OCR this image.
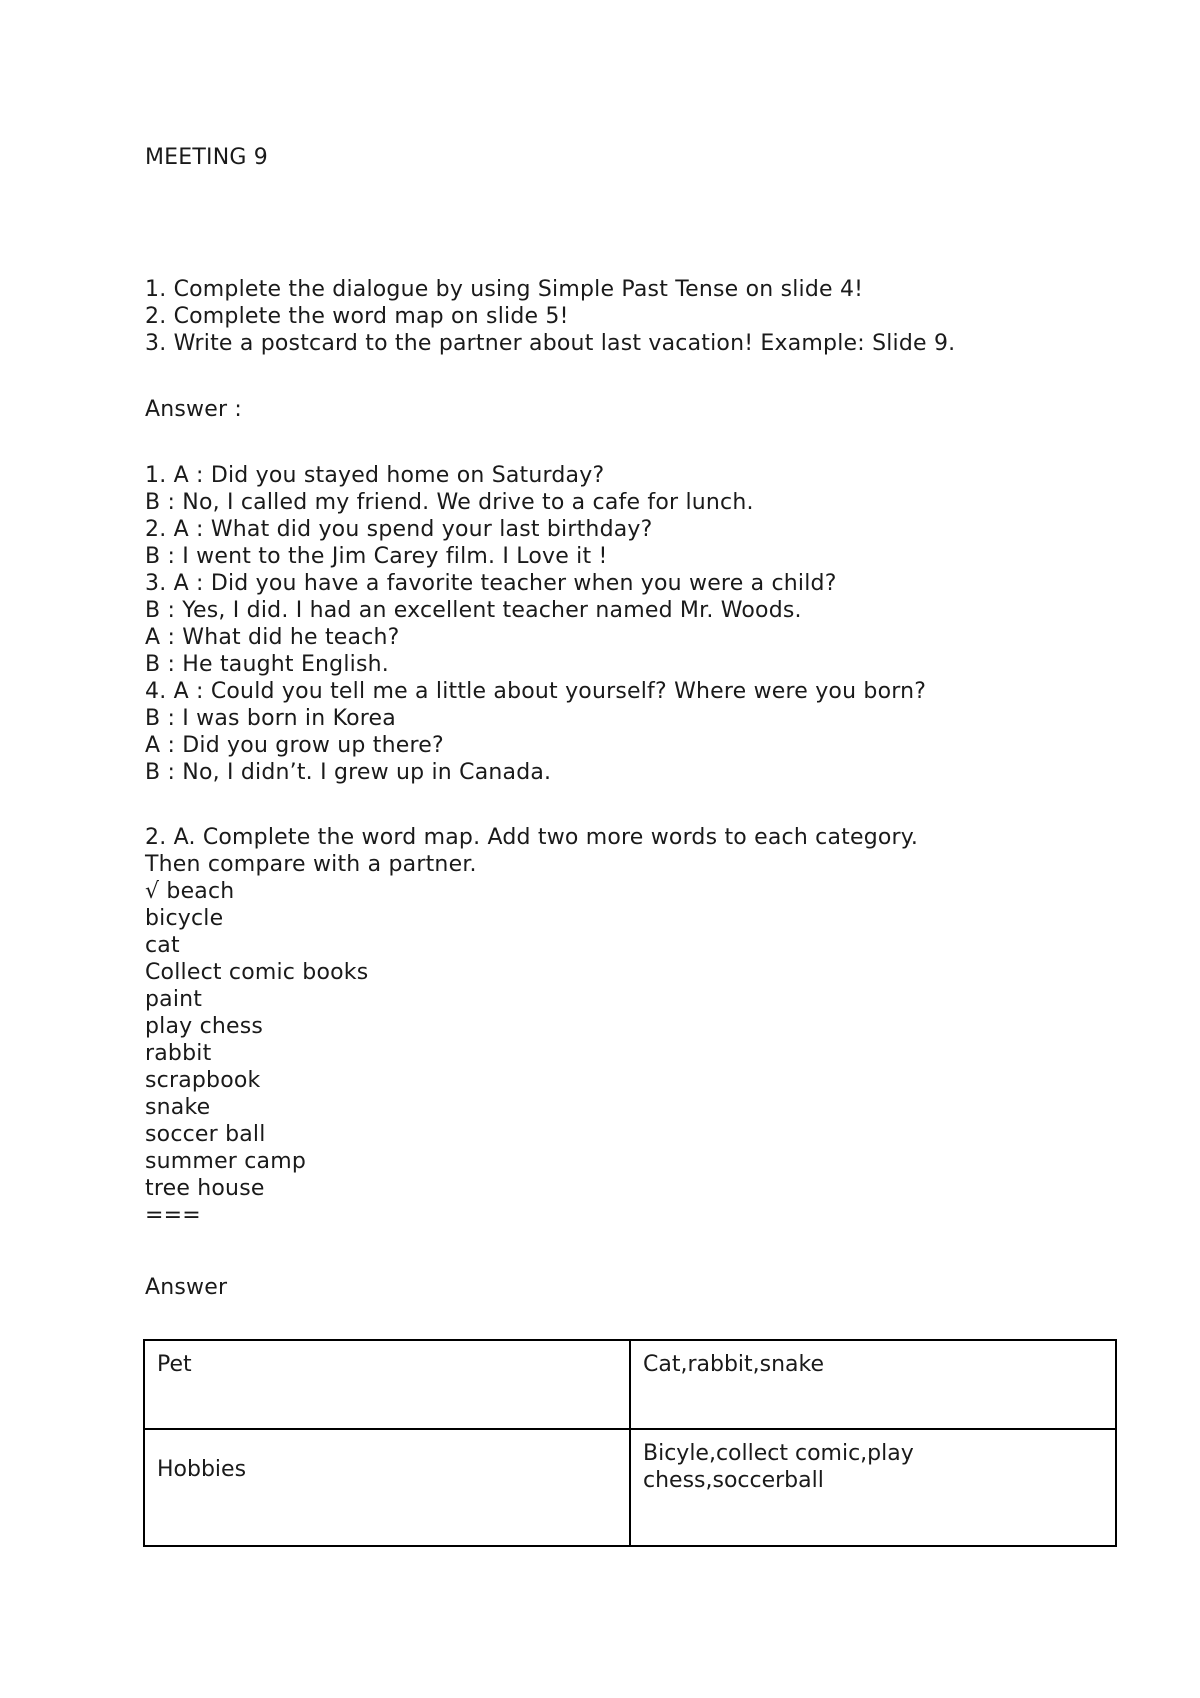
MEETING 9
1. Complete the dialogue by using Simple Past Tense on slide 4!
2. Complete the word map on slide 5!
3. Write a postcard to the partner about last vacation! Example: Slide 9.
Answer :
1. A : Did you stayed home on Saturday?
B : No, I called my friend. We drive to a cafe for lunch.
2. A : What did you spend your last birthday?
B : I went to the Jim Carey film. I Love it !
3. A : Did you have a favorite teacher when you were a child?
B : Yes, I did. I had an excellent teacher named Mr. Woods.
A : What did he teach?
B : He taught English.
4. A : Could you tell me a little about yourself? Where were you born?
B : I was born in Korea
A : Did you grow up there?
B : No, I didn’t. I grew up in Canada.
2. A. Complete the word map. Add two more words to each category.
Then compare with a partner.
√ beach
bicycle
cat
Collect comic books
paint
play chess
rabbit
scrapbook
snake
soccer ball
summer camp
tree house
===
Answer
Pet	Cat,rabbit,snake
Hobbies	Bicyle,collect comic,play
chess,soccerball
